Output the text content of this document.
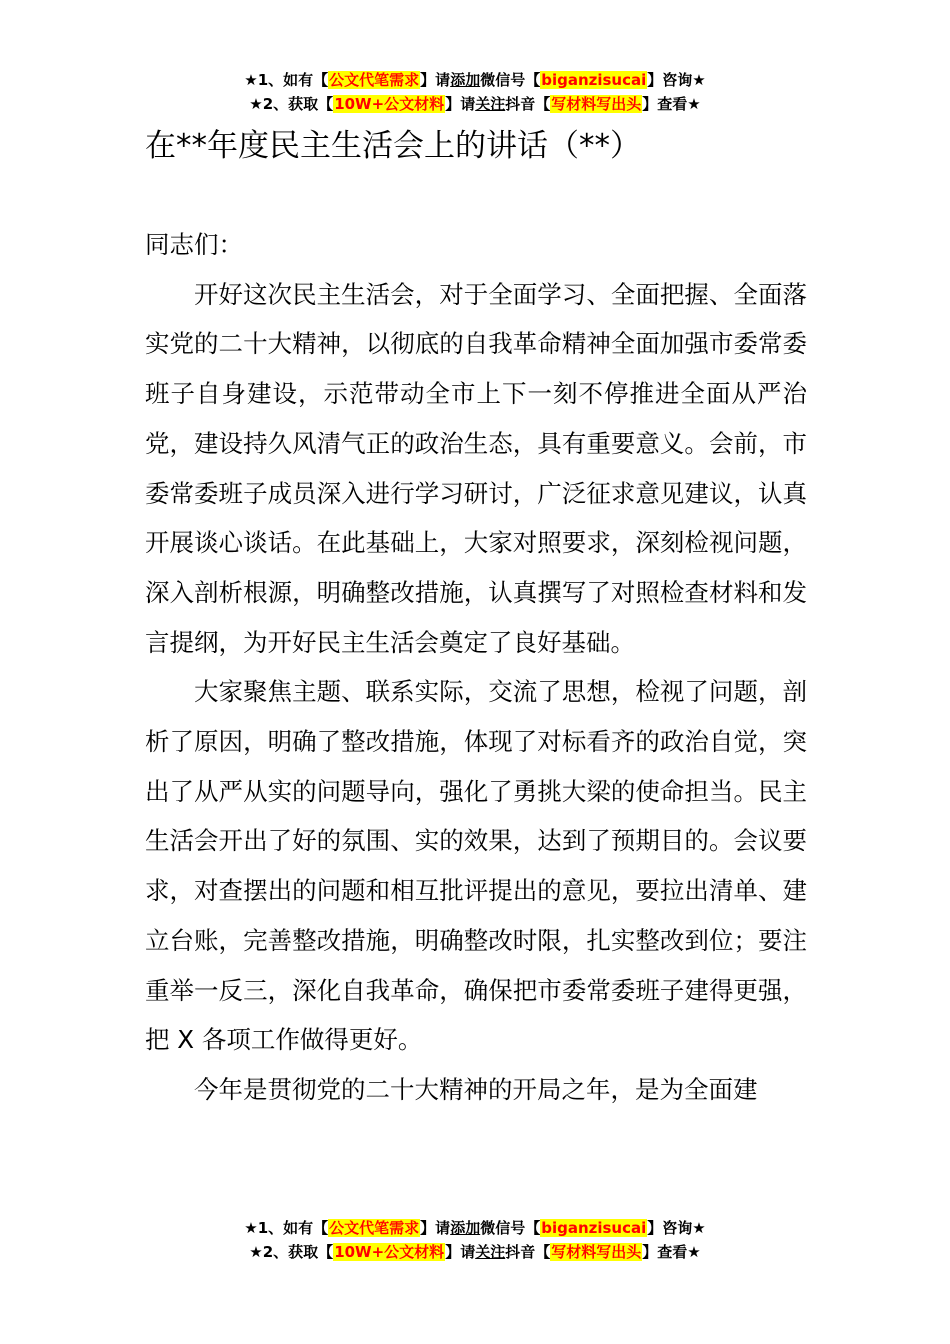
★1、如有【公文代笔需求】请添加微信号【biganzisucai】咨询★
★2、获取【10W+公文材料】请关注抖音【写材料写出头】查看★
在**年度民主生活会上的讲话（**）

同志们：

开好这次民主生活会，对于全面学习、全面把握、全面落实党的二十大精神，以彻底的自我革命精神全面加强市委常委班子自身建设，示范带动全市上下一刻不停推进全面从严治党，建设持久风清气正的政治生态，具有重要意义。会前，市委常委班子成员深入进行学习研讨，广泛征求意见建议，认真开展谈心谈话。在此基础上，大家对照要求，深刻检视问题，深入剖析根源，明确整改措施，认真撰写了对照检查材料和发言提纲，为开好民主生活会奠定了良好基础。

大家聚焦主题、联系实际，交流了思想，检视了问题，剖析了原因，明确了整改措施，体现了对标看齐的政治自觉，突出了从严从实的问题导向，强化了勇挑大梁的使命担当。民主生活会开出了好的氛围、实的效果，达到了预期目的。会议要求，对查摆出的问题和相互批评提出的意见，要拉出清单、建立台账，完善整改措施，明确整改时限，扎实整改到位；要注重举一反三，深化自我革命，确保把市委常委班子建得更强，把 X 各项工作做得更好。

今年是贯彻党的二十大精神的开局之年，是为全面建

★1、如有【公文代笔需求】请添加微信号【biganzisucai】咨询★
★2、获取【10W+公文材料】请关注抖音【写材料写出头】查看★
